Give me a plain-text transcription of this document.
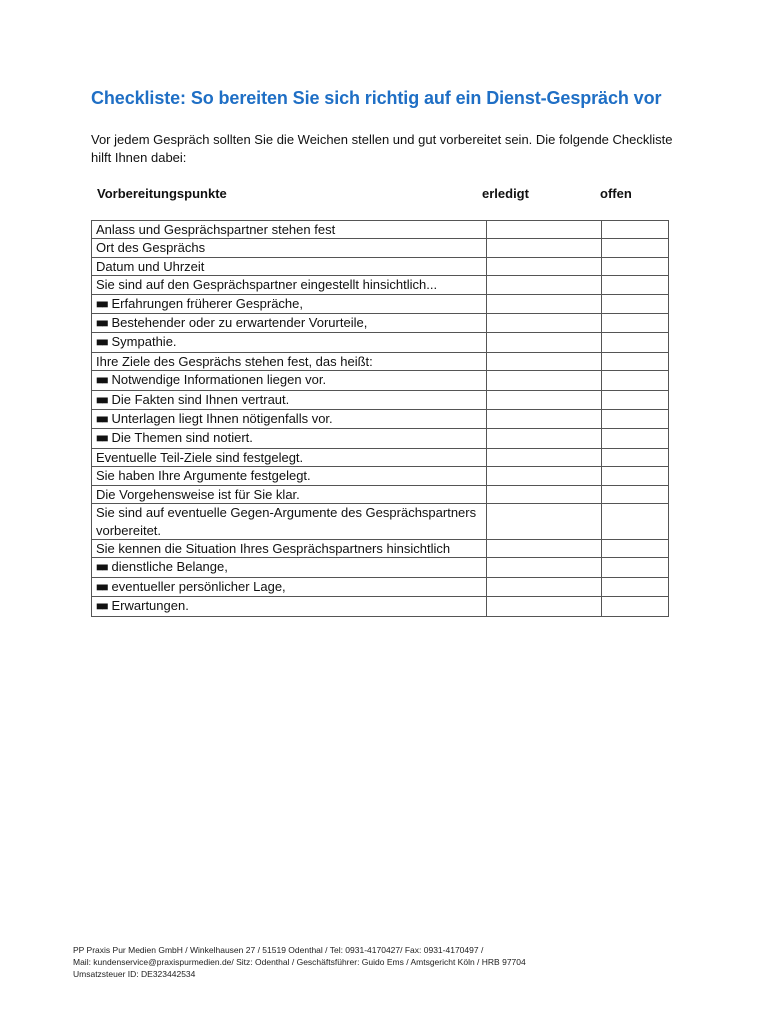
Checkliste: So bereiten Sie sich richtig auf ein Dienst-Gespräch vor
Vor jedem Gespräch sollten Sie die Weichen stellen und gut vorbereitet sein. Die folgende Checkliste hilft Ihnen dabei:
Vorbereitungspunkte	erledigt	offen
Anlass und Gesprächspartner stehen fest		
Ort des Gesprächs		
Datum und Uhrzeit		
Sie sind auf den Gesprächspartner eingestellt hinsichtlich...		
■■ Erfahrungen früherer Gespräche,		
■■ Bestehender oder zu erwartender Vorurteile,		
■■ Sympathie.		
Ihre Ziele des Gesprächs stehen fest, das heißt:		
■■ Notwendige Informationen liegen vor.		
■■ Die Fakten sind Ihnen vertraut.		
■■ Unterlagen liegt Ihnen nötigenfalls vor.		
■■ Die Themen sind notiert.		
Eventuelle Teil-Ziele sind festgelegt.		
Sie haben Ihre Argumente festgelegt.		
Die Vorgehensweise ist für Sie klar.		
Sie sind auf eventuelle Gegen-Argumente des Gesprächspartners vorbereitet.		
Sie kennen die Situation Ihres Gesprächspartners hinsichtlich		
■■ dienstliche Belange,		
■■ eventueller persönlicher Lage,		
■■ Erwartungen.		
PP Praxis Pur Medien GmbH / Winkelhausen 27 / 51519 Odenthal / Tel: 0931-4170427/ Fax: 0931-4170497 /
Mail: kundenservice@praxispurmedien.de/ Sitz: Odenthal / Geschäftsführer: Guido Ems / Amtsgericht Köln / HRB 97704
Umsatzsteuer ID: DE323442534
